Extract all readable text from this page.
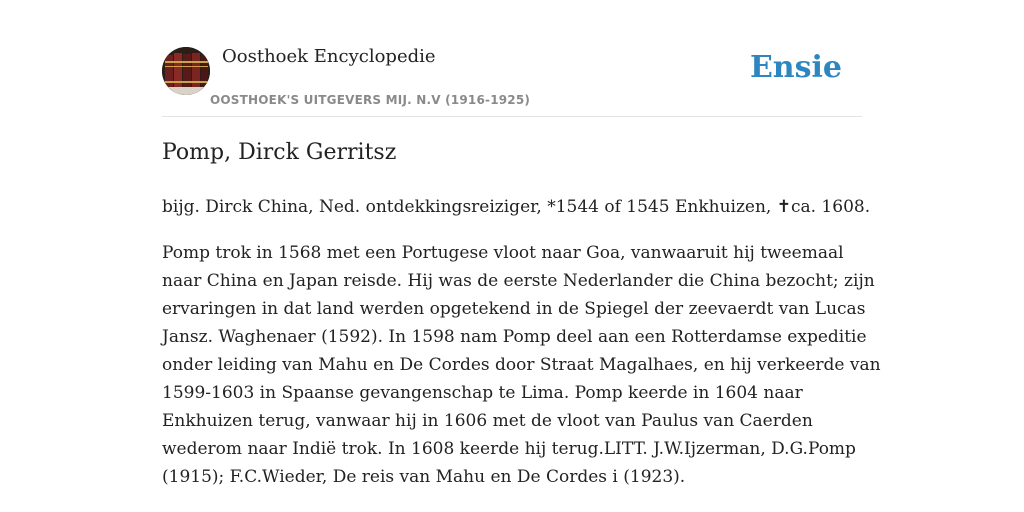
Oosthoek Encyclopedie
OOSTHOEK'S UITGEVERS MIJ. N.V (1916-1925)
Ensie
Pomp, Dirck Gerritsz
bijg. Dirck China, Ned. ontdekkingsreiziger, *1544 of 1545 Enkhuizen, ✝ca. 1608.
Pomp trok in 1568 met een Portugese vloot naar Goa, vanwaaruit hij tweemaal
naar China en Japan reisde. Hij was de eerste Nederlander die China bezocht; zijn
ervaringen in dat land werden opgetekend in de Spiegel der zeevaerdt van Lucas
Jansz. Waghenaer (1592). In 1598 nam Pomp deel aan een Rotterdamse expeditie
onder leiding van Mahu en De Cordes door Straat Magalhaes, en hij verkeerde van
1599-1603 in Spaanse gevangenschap te Lima. Pomp keerde in 1604 naar
Enkhuizen terug, vanwaar hij in 1606 met de vloot van Paulus van Caerden
wederom naar Indië trok. In 1608 keerde hij terug.LITT. J.W.Ijzerman, D.G.Pomp
(1915); F.C.Wieder, De reis van Mahu en De Cordes i (1923).
